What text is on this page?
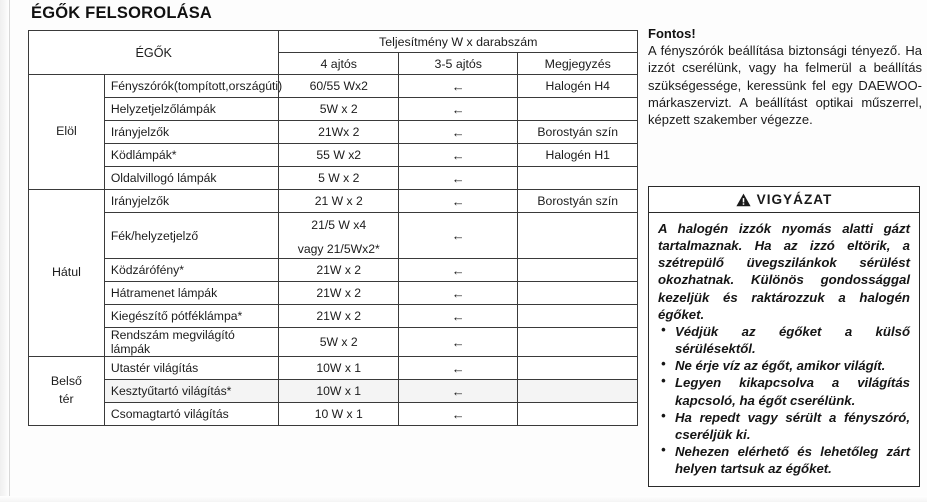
ÉGŐK FELSOROLÁSA
ÉGŐK		Teljesítmény W x darabszám		
		4 ajtós	3-5 ajtós	Megjegyzés

Elöl	Fényszórók(tompított,országúti)	60/55 Wx2	←	Halogén H4
	Helyzetjelzőlámpák	5W x 2	←	
	Irányjelzők	21Wx 2	←	Borostyán szín
	Ködlámpák*	55 W x2	←	Halogén H1
	Oldalvillogó lámpák	5 W x 2	←	

Hátul	Irányjelzők	21 W x 2	←	Borostyán szín
	Fék/helyzetjelző	21/5 W x4
vagy 21/5Wx2*	←	
	Ködzárófény*	21W x 2	←	
	Hátramenet lámpák	21W x 2	←	
	Kiegészítő pótféklámpa*	21W x 2	←	
	Rendszám megvilágító lámpák	5W x 2	←	

Belső
tér	Utastér világítás	10W x 1	←	
	Kesztyűtartó világítás*	10W x 1	←	
	Csomagtartó világítás	10 W x 1	←	
Fontos!
A fényszórók beállítása biztonsági tényező. Ha izzót cserélünk, vagy ha felmerül a beállítás szükségessége, keressünk fel egy DAEWOO-márkaszervizt. A beállítást optikai műszerrel, képzett szakember végezze.
VIGYÁZAT
A halogén izzók nyomás alatti gázt tartalmaznak. Ha az izzó eltörik, a szétrepülő üvegszilánkok sérülést okozhatnak. Különös gondossággal kezeljük és raktározzuk a halogén égőket.
• Védjük az égőket a külső sérülésektől.
• Ne érje víz az égőt, amikor világít.
• Legyen kikapcsolva a világítás kapcsoló, ha égőt cserélünk.
• Ha repedt vagy sérült a fényszóró, cseréljük ki.
• Nehezen elérhető és lehetőleg zárt helyen tartsuk az égőket.
